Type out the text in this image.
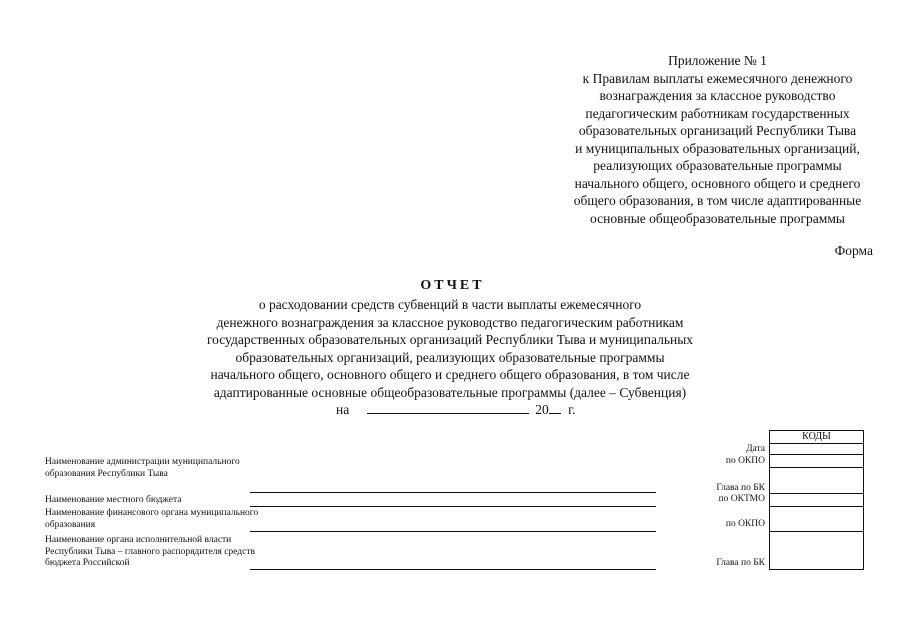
Приложение № 1
к Правилам выплаты ежемесячного денежного
вознаграждения за классное руководство
педагогическим работникам государственных
образовательных организаций Республики Тыва
и муниципальных образовательных организаций,
реализующих образовательные программы
начального общего, основного общего и среднего
общего образования, в том числе адаптированные
основные общеобразовательные программы
Форма
ОТЧЕТ
о расходовании средств субвенций в части выплаты ежемесячного
денежного вознаграждения за классное руководство педагогическим работникам
государственных образовательных организаций Республики Тыва и муниципальных
образовательных организаций, реализующих образовательные программы
начального общего, основного общего и среднего общего образования, в том числе
адаптированные основные общеобразовательные программы (далее – Субвенция)
на	20 г.
Наименование администрации муниципального образования Республики Тыва
Наименование местного бюджета
Наименование финансового органа муниципального образования
Наименование органа исполнительной власти Республики Тыва – главного распорядителя средств бюджета Российской
Дата
по ОКПО
Глава по БК
по ОКТМО
по ОКПО
Глава по БК
КОДЫ
